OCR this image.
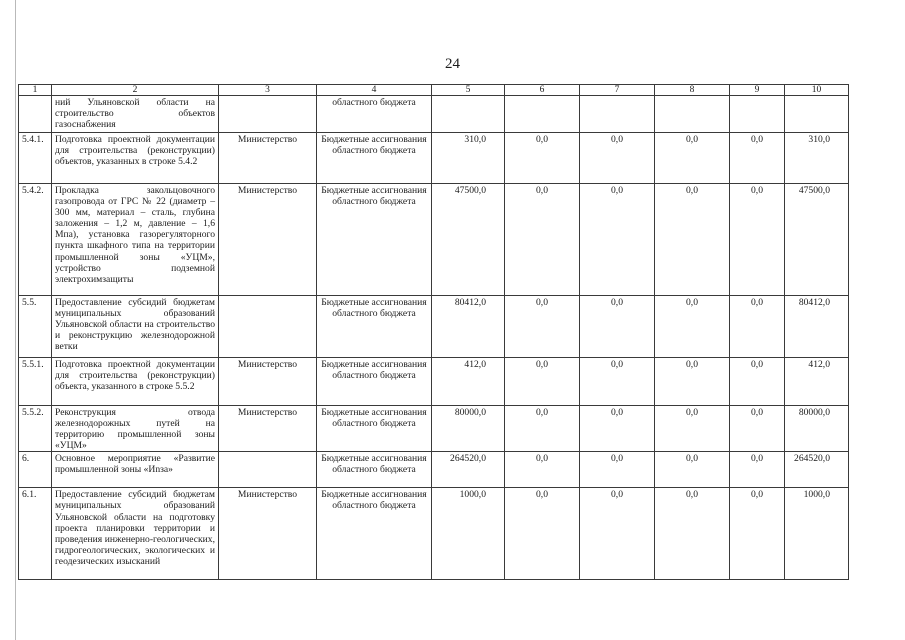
24
1	2	3	4	5	6	7	8	9	10
	ний Ульяновской области на строительство объектов газоснабжения		областного бюджета						
5.4.1.	Подготовка проектной документации для строительства (реконструкции) объектов, указанных в строке 5.4.2	Министерство	Бюджетные ассигнования областного бюджета	310,0	0,0	0,0	0,0	0,0	310,0
5.4.2.	Прокладка закольцовочного газопровода от ГРС № 22 (диаметр – 300 мм, материал – сталь, глубина заложения – 1,2 м, давление – 1,6 Мпа), установка газорегуляторного пункта шкафного типа на территории промышленной зоны «УЦМ», устройство подземной электрохимзащиты	Министерство	Бюджетные ассигнования областного бюджета	47500,0	0,0	0,0	0,0	0,0	47500,0
5.5.	Предоставление субсидий бюджетам муниципальных образований Ульяновской области на строительство и реконструкцию железнодорожной ветки		Бюджетные ассигнования областного бюджета	80412,0	0,0	0,0	0,0	0,0	80412,0
5.5.1.	Подготовка проектной документации для строительства (реконструкции) объекта, указанного в строке 5.5.2	Министерство	Бюджетные ассигнования областного бюджета	412,0	0,0	0,0	0,0	0,0	412,0
5.5.2.	Реконструкция отвода железнодорожных путей на территорию промышленной зоны «УЦМ»	Министерство	Бюджетные ассигнования областного бюджета	80000,0	0,0	0,0	0,0	0,0	80000,0
6.	Основное мероприятие «Развитие промышленной зоны «Иnза»		Бюджетные ассигнования областного бюджета	264520,0	0,0	0,0	0,0	0,0	264520,0
6.1.	Предоставление субсидий бюджетам муниципальных образований Ульяновской области на подготовку проекта планировки территории и проведения инженерно-геологических, гидрогеологических, экологических и геодезических изысканий	Министерство	Бюджетные ассигнования областного бюджета	1000,0	0,0	0,0	0,0	0,0	1000,0
